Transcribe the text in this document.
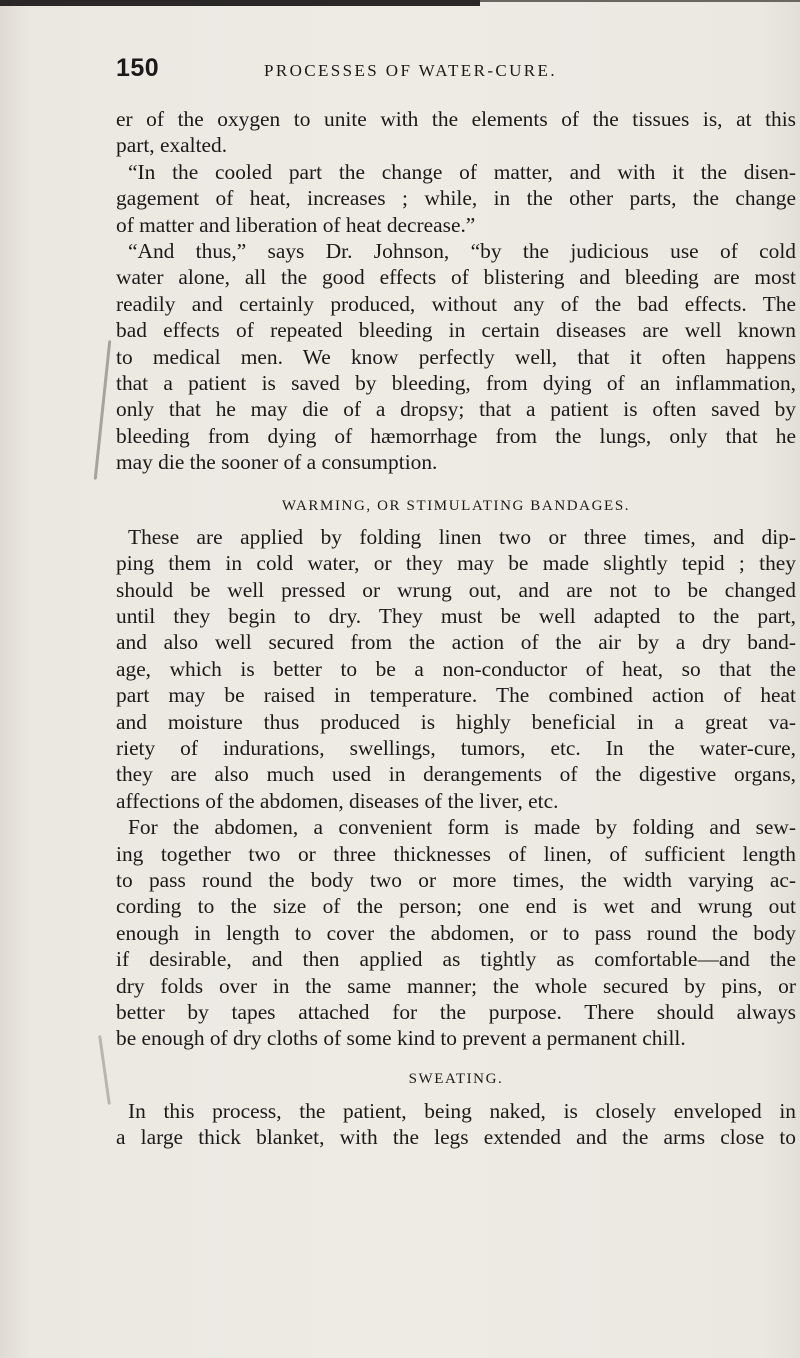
150	PROCESSES OF WATER-CURE.
er of the oxygen to unite with the elements of the tissues is, at this
part, exalted.
“In the cooled part the change of matter, and with it the disen-
gagement of heat, increases ; while, in the other parts, the change
of matter and liberation of heat decrease.”
“And thus,” says Dr. Johnson, “by the judicious use of cold
water alone, all the good effects of blistering and bleeding are most
readily and certainly produced, without any of the bad effects. The
bad effects of repeated bleeding in certain diseases are well known
to medical men. We know perfectly well, that it often happens
that a patient is saved by bleeding, from dying of an inflammation,
only that he may die of a dropsy; that a patient is often saved by
bleeding from dying of hæmorrhage from the lungs, only that he
may die the sooner of a consumption.
WARMING, OR STIMULATING BANDAGES.
These are applied by folding linen two or three times, and dip-
ping them in cold water, or they may be made slightly tepid ; they
should be well pressed or wrung out, and are not to be changed
until they begin to dry. They must be well adapted to the part,
and also well secured from the action of the air by a dry band-
age, which is better to be a non-conductor of heat, so that the
part may be raised in temperature. The combined action of heat
and moisture thus produced is highly beneficial in a great va-
riety of indurations, swellings, tumors, etc. In the water-cure,
they are also much used in derangements of the digestive organs,
affections of the abdomen, diseases of the liver, etc.
For the abdomen, a convenient form is made by folding and sew-
ing together two or three thicknesses of linen, of sufficient length
to pass round the body two or more times, the width varying ac-
cording to the size of the person; one end is wet and wrung out
enough in length to cover the abdomen, or to pass round the body
if desirable, and then applied as tightly as comfortable—and the
dry folds over in the same manner; the whole secured by pins, or
better by tapes attached for the purpose. There should always
be enough of dry cloths of some kind to prevent a permanent chill.
SWEATING.
In this process, the patient, being naked, is closely enveloped in
a large thick blanket, with the legs extended and the arms close to
